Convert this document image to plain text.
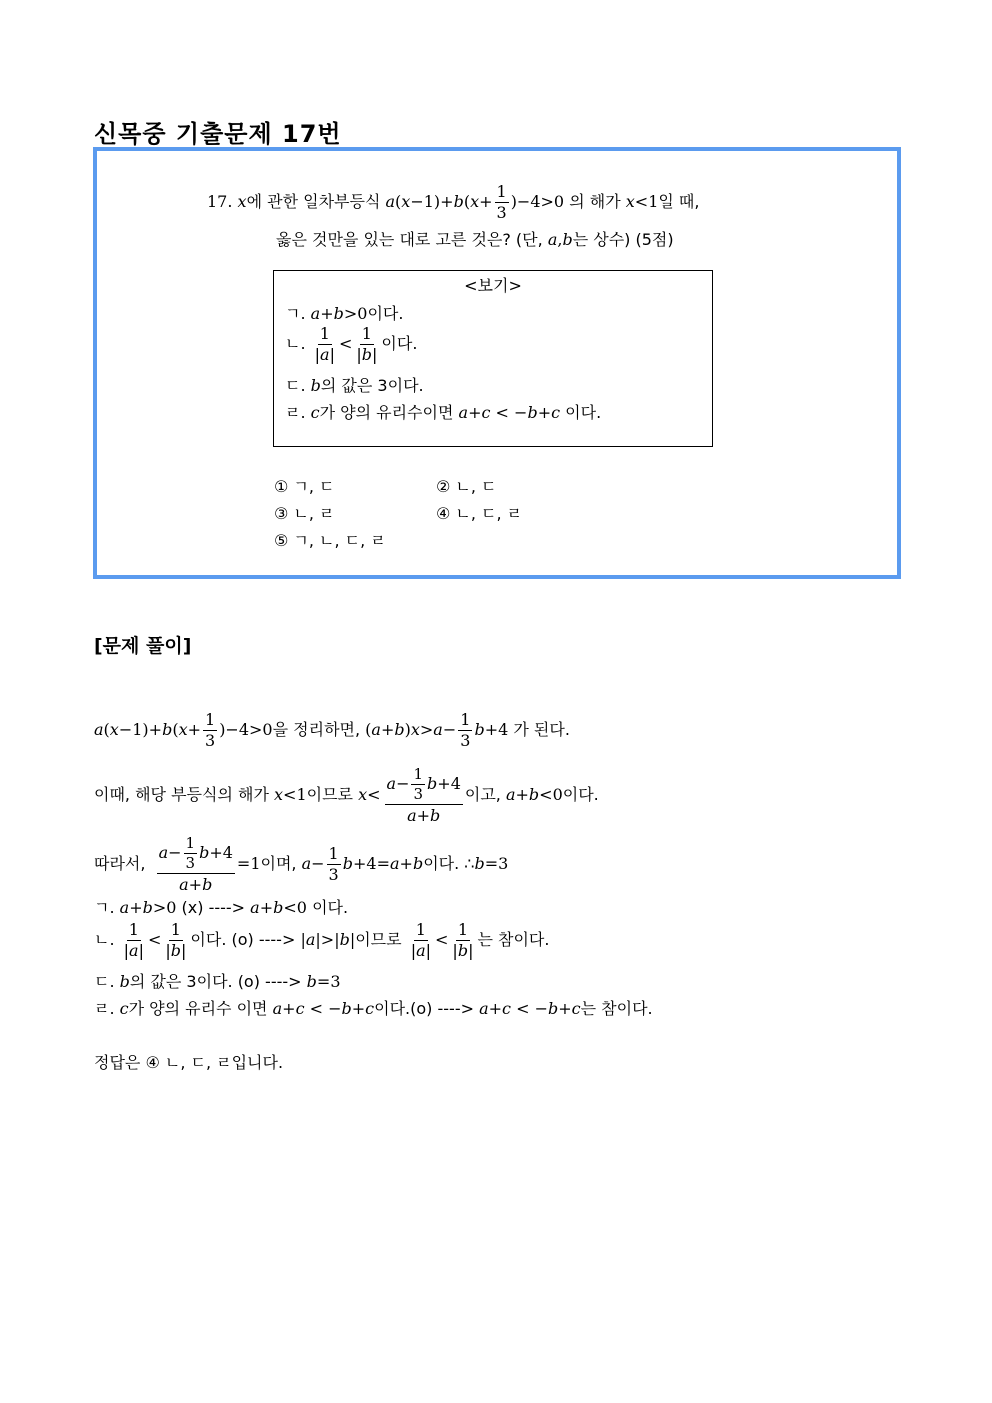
신목중 기출문제 17번
17. x에 관한 일차부등식 $a(x-1)+b(x+ \frac{1}{3} )-4>0$ 의 해가 x<1일 때,
옳은 것만을 있는 대로 고른 것은? (단, a,b는 상수) (5점)
<보기>
ㄱ. a+b>0이다.
ㄴ. $\frac{1}{|a|} < \frac{1}{|b|}$ 이다.
ㄷ. b의 값은 3이다.
ㄹ. c가 양의 유리수이면 a+c < −b+c 이다.
① ㄱ, ㄷ	② ㄴ, ㄷ
③ ㄴ, ㄹ	④ ㄴ, ㄷ, ㄹ
⑤ ㄱ, ㄴ, ㄷ, ㄹ
[문제 풀이]
$a(x-1)+b(x+ \frac{1}{3} )-4>0$을 정리하면, $(a+b)x>a- \frac{1}{3} b+4$ 가 된다.
이때, 해당 부등식의 해가 x<1이므로 $x< \frac{a- \frac{1}{3} b+4}{a+b}$ 이고, a+b<0이다.
따라서, $\frac{a- \frac{1}{3} b+4}{a+b} =1$이며, $a- \frac{1}{3} b+4=a+b$이다. ∴b=3
ㄱ. a+b>0 (x) ----> a+b<0 이다.
ㄴ. $\frac{1}{|a|} < \frac{1}{|b|}$ 이다. (o) ----> |a|>|b|이므로 $\frac{1}{|a|} < \frac{1}{|b|}$ 는 참이다.
ㄷ. b의 값은 3이다. (o) ----> b=3
ㄹ. c가 양의 유리수 이면 a+c < −b+c이다.(o) ----> a+c < −b+c는 참이다.
정답은 ④ ㄴ, ㄷ, ㄹ입니다.
